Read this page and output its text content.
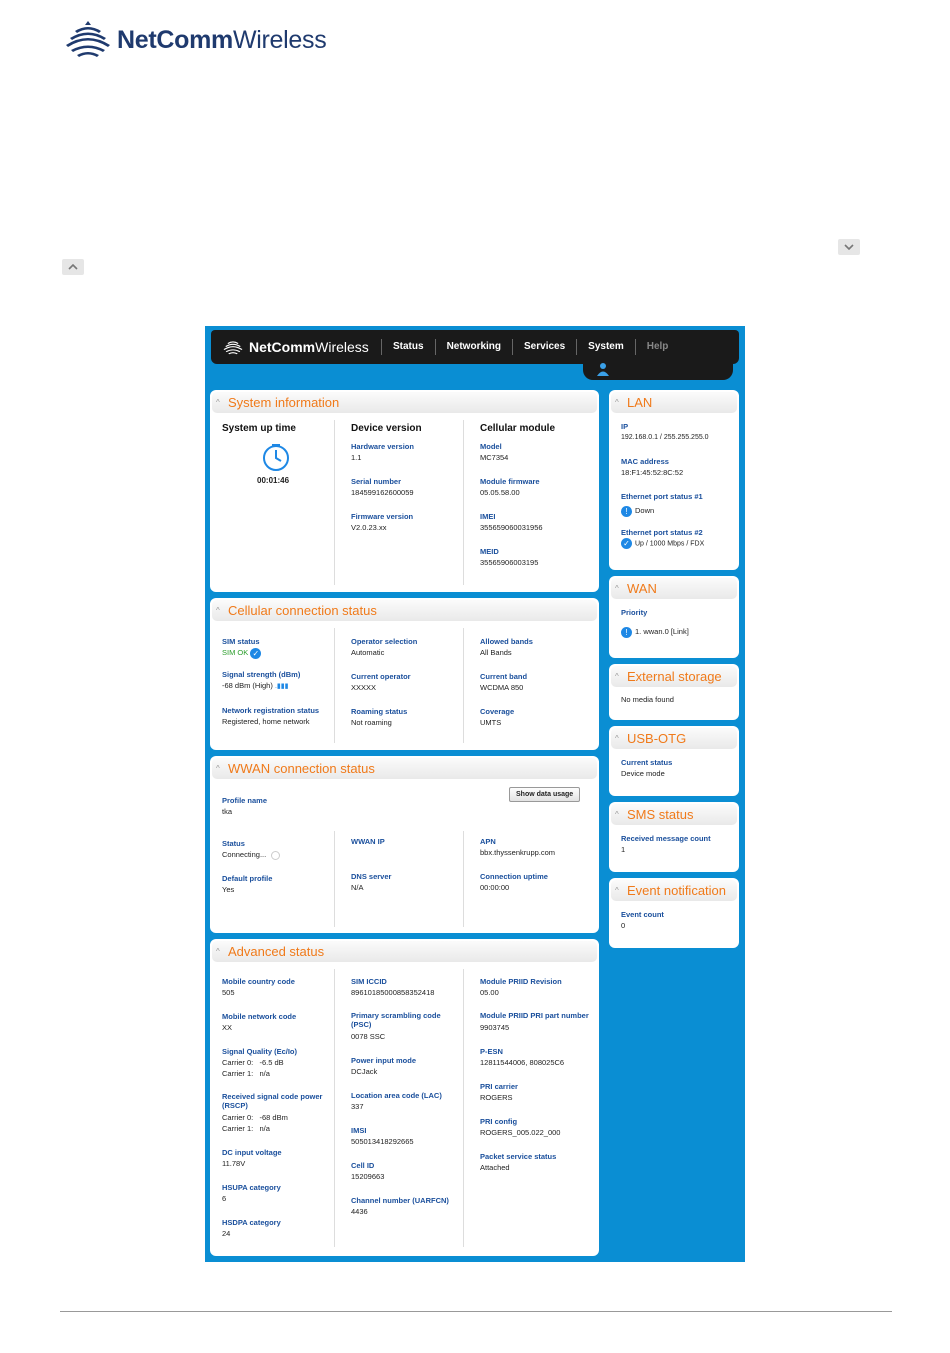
NetCommWireless
NetCommWireless	Status	Networking	Services	System	Help
^ System information
System up time
00:01:46
Device version
Hardware version
1.1
Serial number
184599162600059
Firmware version
V2.0.23.xx
Cellular module
Model
MC7354
Module firmware
05.05.58.00
IMEI
355659060031956
MEID
35565906003195
^ Cellular connection status
SIM status
SIM OK ✓
Signal strength (dBm)
-68 dBm (High) .▮▮▮
Network registration status
Registered, home network
Operator selection
Automatic
Current operator
XXXXX
Roaming status
Not roaming
Allowed bands
All Bands
Current band
WCDMA 850
Coverage
UMTS
^ WWAN connection status
Profile name
tka
Show data usage
Status
Connecting...
Default profile
Yes
WWAN IP

DNS server
N/A
APN
bbx.thyssenkrupp.com
Connection uptime
00:00:00
^ Advanced status
Mobile country code
505
Mobile network code
XX
Signal Quality (Ec/Io)
Carrier 0:   -6.5 dB
Carrier 1:   n/a
Received signal code power (RSCP)
Carrier 0:   -68 dBm
Carrier 1:   n/a
DC input voltage
11.78V
HSUPA category
6
HSDPA category
24
SIM ICCID
89610185000858352418
Primary scrambling code (PSC)
0078 SSC
Power input mode
DCJack
Location area code (LAC)
337
IMSI
505013418292665
Cell ID
15209663
Channel number (UARFCN)
4436
Module PRIID Revision
05.00
Module PRIID PRI part number
9903745
P-ESN
12811544006, 808025C6
PRI carrier
ROGERS
PRI config
ROGERS_005.022_000
Packet service status
Attached
^ LAN
IP
192.168.0.1 / 255.255.255.0
MAC address
18:F1:45:52:8C:52
Ethernet port status #1
! Down
Ethernet port status #2
✓ Up / 1000 Mbps / FDX
^ WAN
Priority
! 1. wwan.0 [Link]
^ External storage
No media found
^ USB-OTG
Current status
Device mode
^ SMS status
Received message count
1
^ Event notification
Event count
0
